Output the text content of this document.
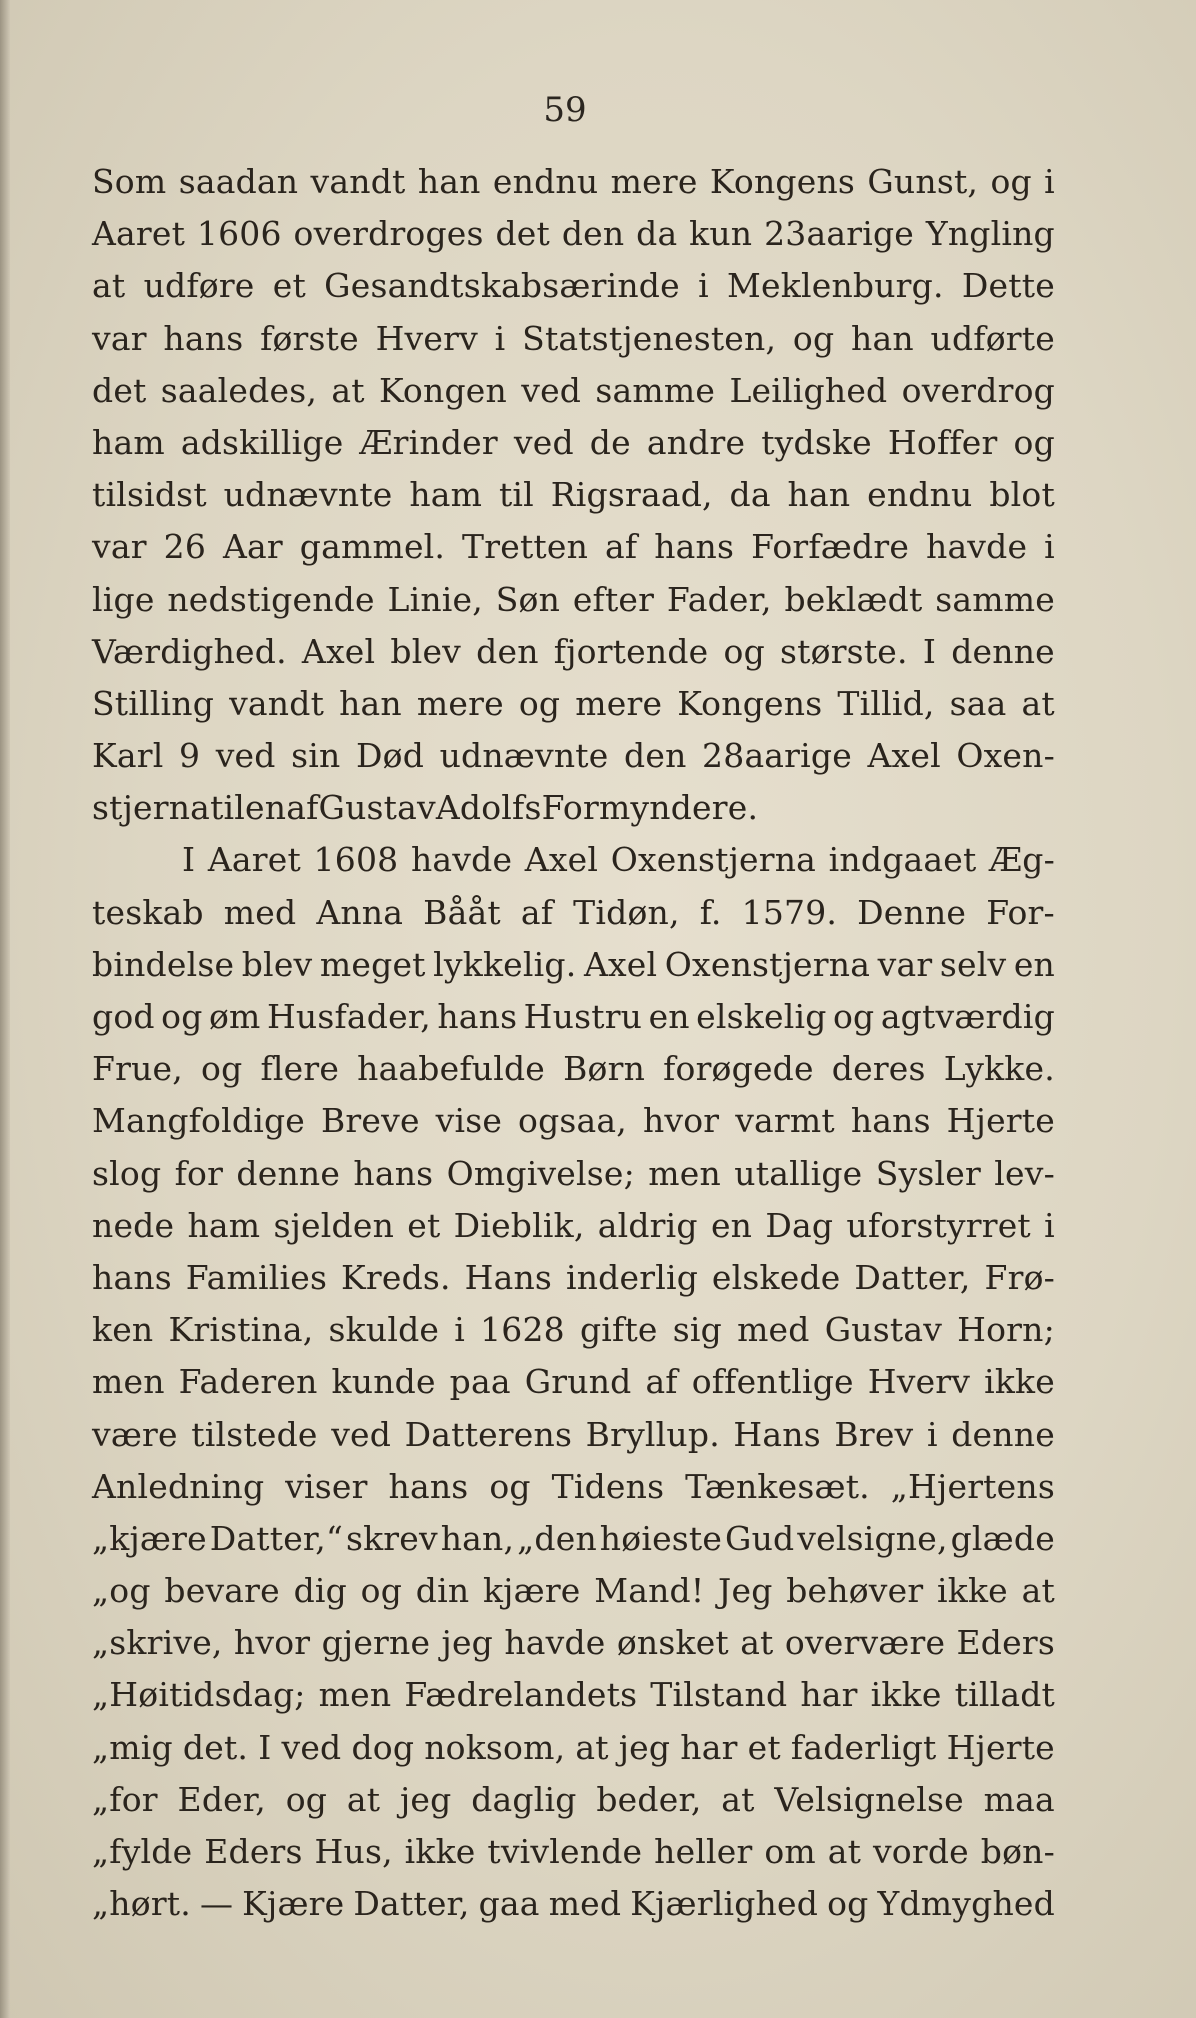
59
Som saadan vandt han endnu mere Kongens Gunst, og i
Aaret 1606 overdroges det den da kun 23aarige Yngling
at udføre et Gesandtskabsærinde i Meklenburg. Dette
var hans første Hverv i Statstjenesten, og han udførte
det saaledes, at Kongen ved samme Leilighed overdrog
ham adskillige Ærinder ved de andre tydske Hoffer og
tilsidst udnævnte ham til Rigsraad, da han endnu blot
var 26 Aar gammel. Tretten af hans Forfædre havde i
lige nedstigende Linie, Søn efter Fader, beklædt samme
Værdighed. Axel blev den fjortende og største. I denne
Stilling vandt han mere og mere Kongens Tillid, saa at
Karl 9 ved sin Død udnævnte den 28aarige Axel Oxen-
stjerna til en af Gustav Adolfs Formyndere.
I Aaret 1608 havde Axel Oxenstjerna indgaaet Æg-
teskab med Anna Bååt af Tidøn, f. 1579. Denne For-
bindelse blev meget lykkelig. Axel Oxenstjerna var selv en
god og øm Husfader, hans Hustru en elskelig og agtværdig
Frue, og flere haabefulde Børn forøgede deres Lykke.
Mangfoldige Breve vise ogsaa, hvor varmt hans Hjerte
slog for denne hans Omgivelse; men utallige Sysler lev-
nede ham sjelden et Dieblik, aldrig en Dag uforstyrret i
hans Families Kreds. Hans inderlig elskede Datter, Frø-
ken Kristina, skulde i 1628 gifte sig med Gustav Horn;
men Faderen kunde paa Grund af offentlige Hverv ikke
være tilstede ved Datterens Bryllup. Hans Brev i denne
Anledning viser hans og Tidens Tænkesæt. „Hjertens
„kjære Datter,“ skrev han, „den høieste Gud velsigne, glæde
„og bevare dig og din kjære Mand! Jeg behøver ikke at
„skrive, hvor gjerne jeg havde ønsket at overvære Eders
„Høitidsdag; men Fædrelandets Tilstand har ikke tilladt
„mig det. I ved dog noksom, at jeg har et faderligt Hjerte
„for Eder, og at jeg daglig beder, at Velsignelse maa
„fylde Eders Hus, ikke tvivlende heller om at vorde bøn-
„hørt. — Kjære Datter, gaa med Kjærlighed og Ydmyghed
